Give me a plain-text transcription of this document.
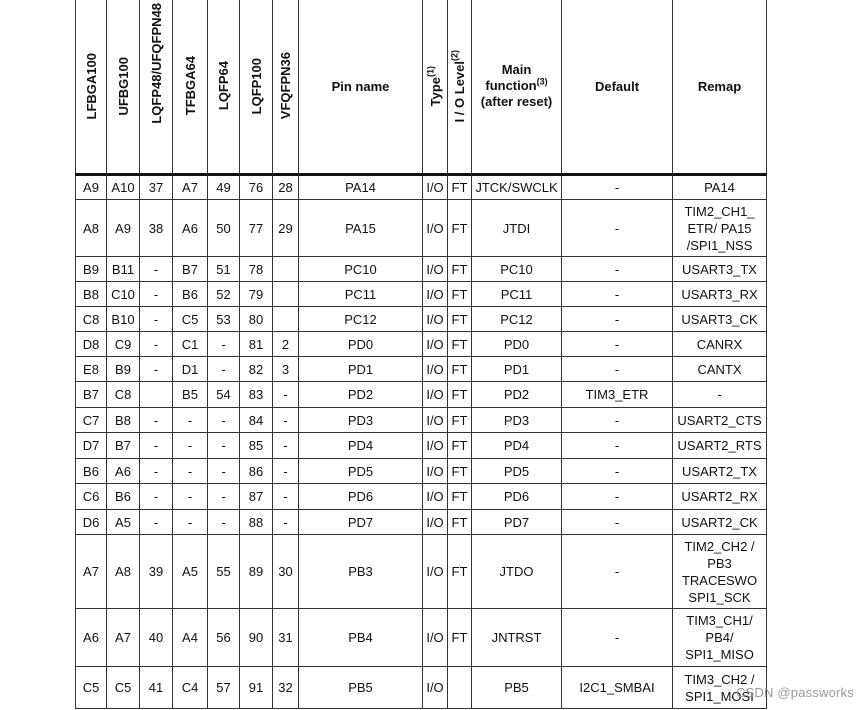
LFBGA100	UFBG100	LQFP48/UFQFPN48	TFBGA64	LQFP64	LQFP100	VFQFPN36	Pin name	Type$^{(1)}$	I / O Level$^{(2)}$	Main
function$^{(3)}$
(after reset)	Default	Remap
A9	A10	37	A7	49	76	28	PA14	I/O	FT	JTCK/SWCLK	-	PA14
A8	A9	38	A6	50	77	29	PA15	I/O	FT	JTDI	-	TIM2_CH1_
ETR/ PA15
/SPI1_NSS
B9	B11	-	B7	51	78		PC10	I/O	FT	PC10	-	USART3_TX
B8	C10	-	B6	52	79		PC11	I/O	FT	PC11	-	USART3_RX
C8	B10	-	C5	53	80		PC12	I/O	FT	PC12	-	USART3_CK
D8	C9	-	C1	-	81	2	PD0	I/O	FT	PD0	-	CANRX
E8	B9	-	D1	-	82	3	PD1	I/O	FT	PD1	-	CANTX
B7	C8		B5	54	83	-	PD2	I/O	FT	PD2	TIM3_ETR	-
C7	B8	-	-	-	84	-	PD3	I/O	FT	PD3	-	USART2_CTS
D7	B7	-	-	-	85	-	PD4	I/O	FT	PD4	-	USART2_RTS
B6	A6	-	-	-	86	-	PD5	I/O	FT	PD5	-	USART2_TX
C6	B6	-	-	-	87	-	PD6	I/O	FT	PD6	-	USART2_RX
D6	A5	-	-	-	88	-	PD7	I/O	FT	PD7	-	USART2_CK
A7	A8	39	A5	55	89	30	PB3	I/O	FT	JTDO	-	TIM2_CH2 /
PB3
TRACESWO
SPI1_SCK
A6	A7	40	A4	56	90	31	PB4	I/O	FT	JNTRST	-	TIM3_CH1/
PB4/
SPI1_MISO
C5	C5	41	C4	57	91	32	PB5	I/O		PB5	I2C1_SMBAI	TIM3_CH2 /
SPI1_MOSI
CSDN @passworks
